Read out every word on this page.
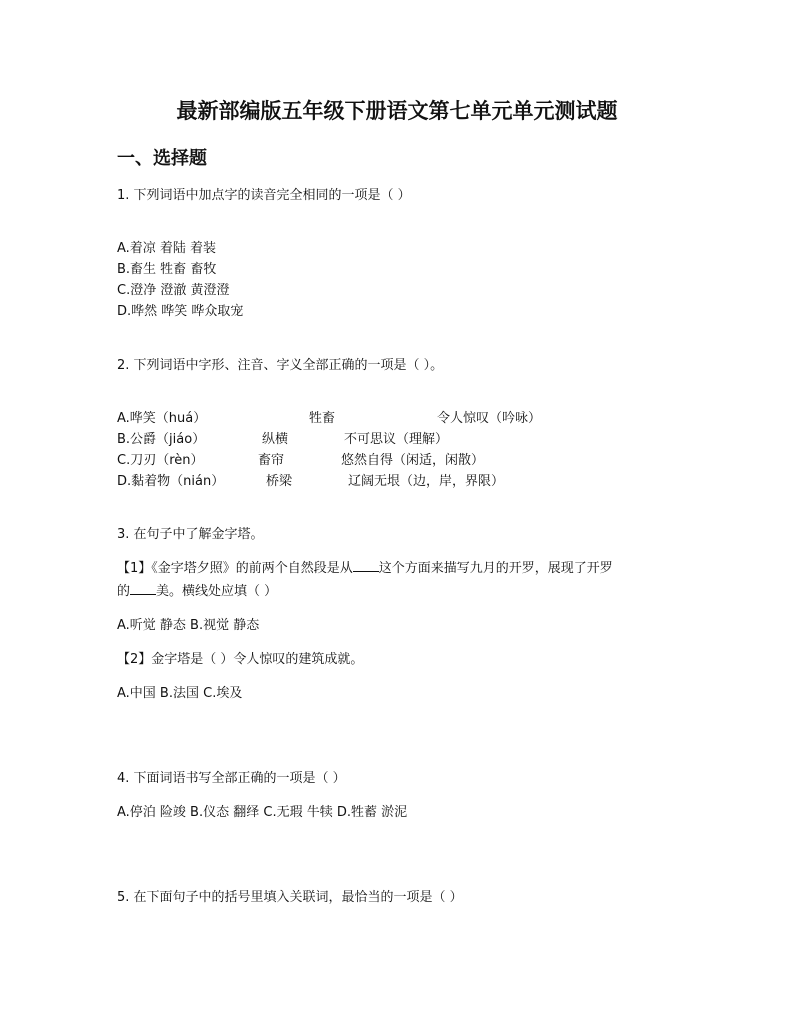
最新部编版五年级下册语文第七单元单元测试题
一、选择题
1. 下列词语中加点字的读音完全相同的一项是（ ）
A.着凉 着陆 着装
B.畜生 牲畜 畜牧
C.澄净 澄澈 黄澄澄
D.哗然 哗笑 哗众取宠
2. 下列词语中字形、注音、字义全部正确的一项是（ ）。
A.哗笑（huá）	牲畜	令人惊叹（吟咏）
B.公爵（jiáo）	纵横	不可思议（理解）
C.刀刃（rèn）	畜帘	悠然自得（闲适，闲散）
D.黏着物（nián）	桥梁	辽阔无垠（边，岸，界限）
3. 在句子中了解金字塔。
【1】《金字塔夕照》的前两个自然段是从 这个方面来描写九月的开罗，展现了开罗
的 美。横线处应填（ ）
A.听觉 静态 B.视觉 静态
【2】金字塔是（ ）令人惊叹的建筑成就。
A.中国 B.法国 C.埃及
4. 下面词语书写全部正确的一项是（ ）
A.停泊 险竣 B.仪态 翻绎 C.无瑕 牛犊 D.牲蓄 淤泥
5. 在下面句子中的括号里填入关联词，最恰当的一项是（ ）
